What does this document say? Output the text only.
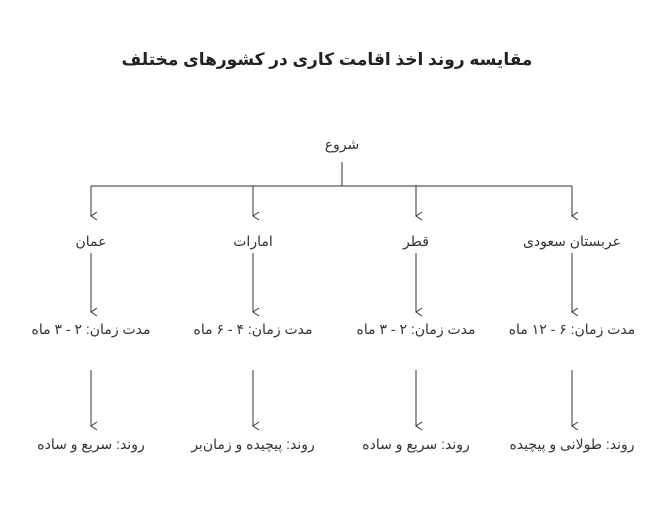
مقایسه روند اخذ اقامت کاری در کشورهای مختلف
شروع
عمان
مدت زمان: ۲ - ۳ ماه
روند: سریع و ساده
امارات
مدت زمان: ۴ - ۶ ماه
روند: پیچیده و زمان‌بر
قطر
مدت زمان: ۲ - ۳ ماه
روند: سریع و ساده
عربستان سعودی
مدت زمان: ۶ - ۱۲ ماه
روند: طولانی و پیچیده
